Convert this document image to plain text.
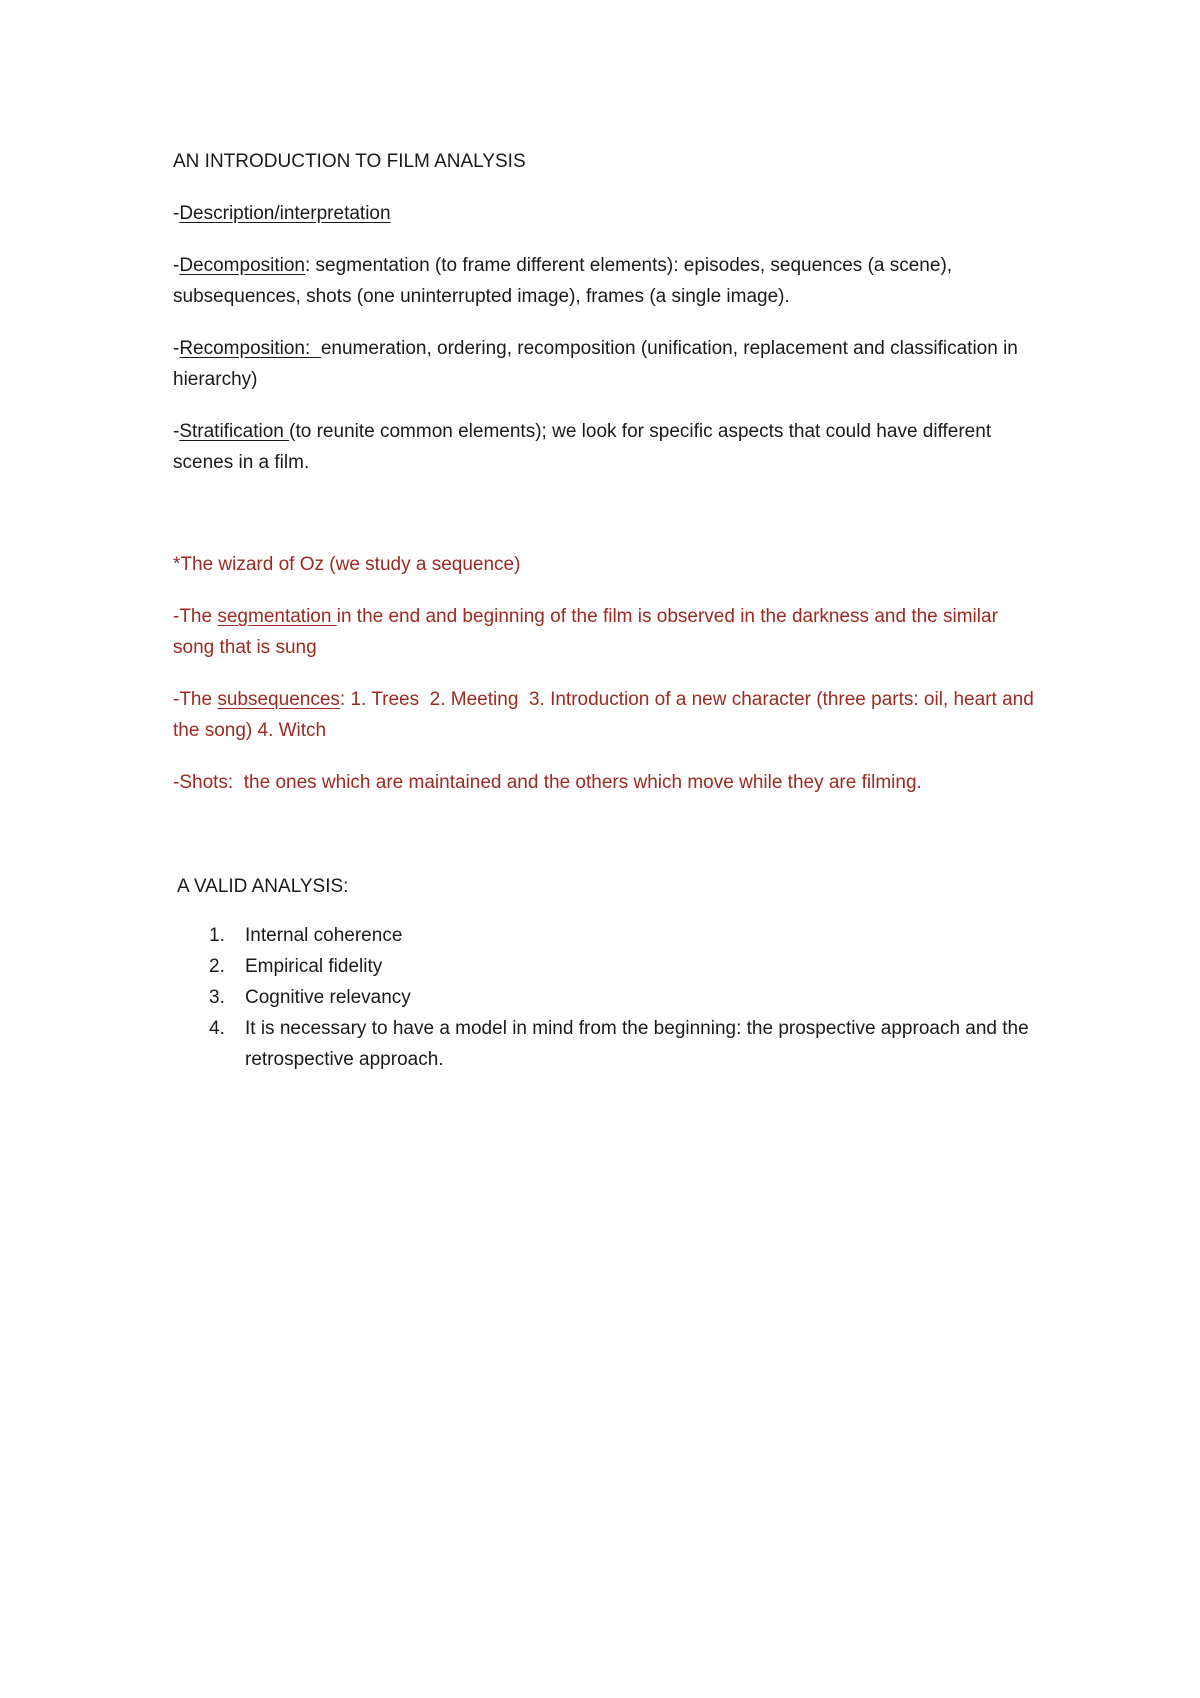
AN INTRODUCTION TO FILM ANALYSIS

-Description/interpretation

-Decomposition: segmentation (to frame different elements): episodes, sequences (a scene), subsequences, shots (one uninterrupted image), frames (a single image).

-Recomposition:  enumeration, ordering, recomposition (unification, replacement and classification in hierarchy)

-Stratification (to reunite common elements); we look for specific aspects that could have different scenes in a film.

*The wizard of Oz (we study a sequence)

-The segmentation in the end and beginning of the film is observed in the darkness and the similar song that is sung

-The subsequences: 1. Trees  2. Meeting  3. Introduction of a new character (three parts: oil, heart and the song) 4. Witch

-Shots:  the ones which are maintained and the others which move while they are filming.

A VALID ANALYSIS:

1. Internal coherence
2. Empirical fidelity
3. Cognitive relevancy
4. It is necessary to have a model in mind from the beginning: the prospective approach and the retrospective approach.
